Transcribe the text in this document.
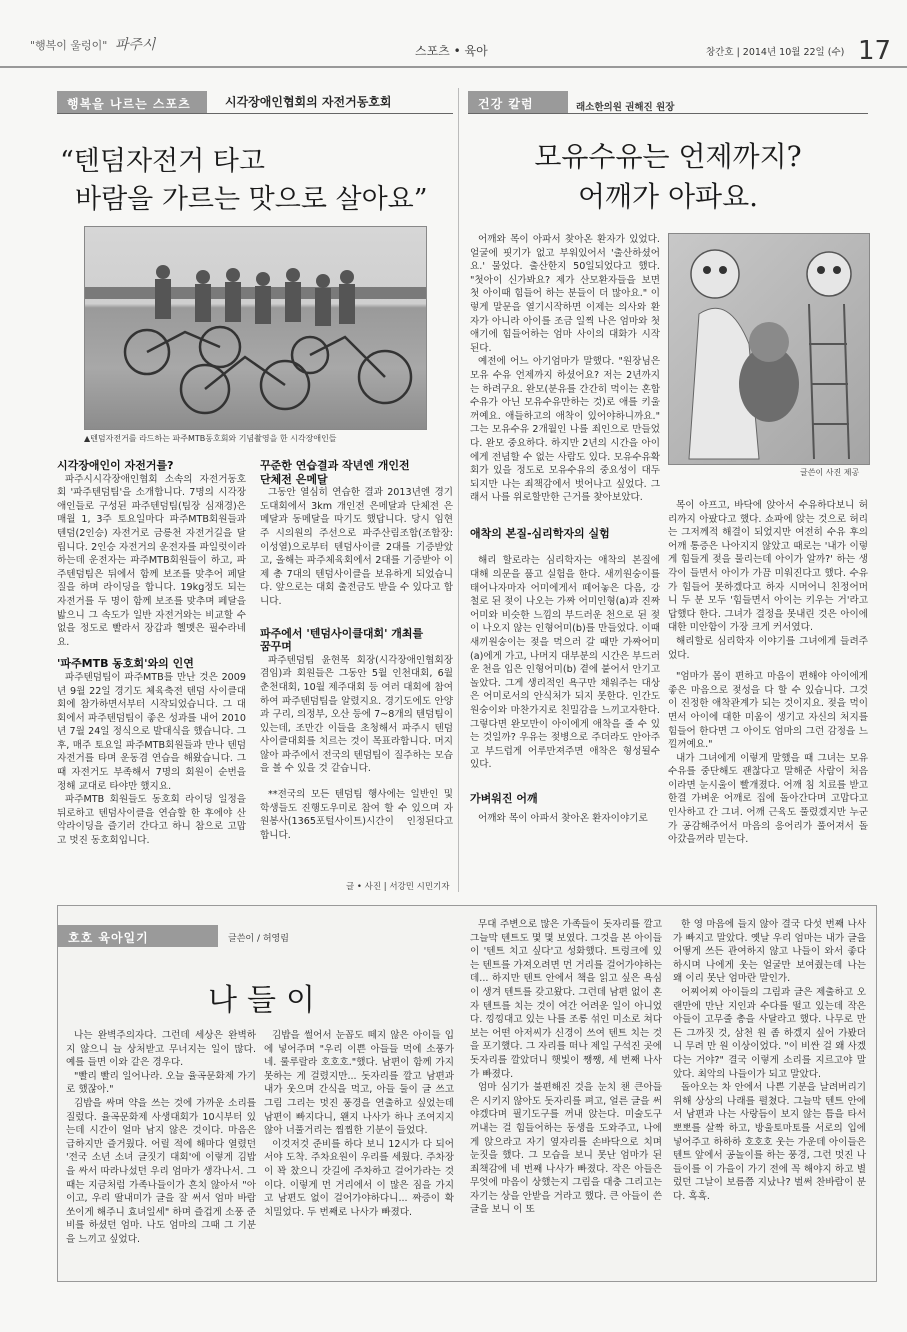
"행복이 울렁이" 파주시	스포츠 • 육아	창간호 | 2014년 10월 22일 (수) 17
행복을 나르는 스포츠	시각장애인협회의 자전거동호회
“텐덤자전거 타고
바람을 가르는 맛으로 살아요”
▲텐덤자전거를 라드하는 파주MTB동호회와 기념촬영을 한 시각장애인들
시각장애인이 자전거를?

파주시시각장애인협회 소속의 자전거동호회 '파주텐덤팀'을 소개합니다. 7명의 시각장애인들로 구성된 파주텐덤팀(팀장 심재경)은 매월 1, 3주 토요일마다 파주MTB회원들과 텐덤(2인승) 자전거로 금릉천 자전거길을 달립니다. 2인승 자전거의 운전자를 파일럿이라 하는데 운전자는 파주MTB회원들이 하고, 파주텐덤팀은 뒤에서 함께 보조를 맞추어 페달질을 하며 라이딩을 합니다. 19kg정도 되는 자전거를 두 명이 함께 보조를 맞추며 페달을 밟으니 그 속도가 일반 자전거와는 비교할 수 없을 정도로 빨라서 장갑과 헬멧은 필수라네요.

'파주MTB 동호회'와의 인연

파주텐덤팀이 파주MTB를 만난 것은 2009년 9월 22일 경기도 체육축전 텐덤 사이클대회에 참가하면서부터 시작되었습니다. 그 대회에서 파주텐덤팀이 좋은 성과를 내어 2010년 7월 24일 정식으로 발대식을 했습니다. 그 후, 매주 토요일 파주MTB회원들과 만나 텐덤자전거를 타며 운동겸 연습을 해왔습니다. 그때 자전거도 부족해서 7명의 회원이 순번을 정해 교대로 타야만 했지요.

파주MTB 회원들도 동호회 라이딩 일정을 뒤로하고 텐덤사이클을 연습할 한 후에야 산악라이딩을 즐기러 간다고 하니 참으로 고맙고 멋진 동호회입니다.

꾸준한 연습결과 작년엔 개인전
단체전 은메달

그동안 열심히 연습한 결과 2013년엔 경기도대회에서 3km 개인전 은메달과 단체전 은메달과 동메달을 따기도 했답니다. 당시 임현주 시의원의 주선으로 파주산림조합(조합장: 이성열)으로부터 텐덤사이클 2대를 기증받았고, 올해는 파주체육회에서 2대를 기증받아 이제 총 7대의 텐덤사이클을 보유하게 되었습니다. 앞으로는 대회 출전금도 받을 수 있다고 합니다.

파주에서 '텐덤사이클대회' 개최를
꿈꾸며

파주텐덤팀 윤현목 회장(시각장애인협회장 겸임)과 회원들은 그동안 5월 인천대회, 6월 춘천대회, 10월 제주대회 등 여러 대회에 참여하여 파주텐덤팀을 알렸지요. 경기도에도 안양과 구리, 의정부, 오산 등에 7~8개의 텐덤팀이 있는데, 조만간 이들을 초청해서 파주시 텐덤사이클대회를 치르는 것이 목표라합니다. 머지않아 파주에서 전국의 텐덤팀이 질주하는 모습을 볼 수 있을 것 같습니다.

**전국의 모든 텐덤팀 행사에는 일반인 및 학생들도 진행도우미로 참여 할 수 있으며 자원봉사(1365포털사이트)시간이 인정된다고 합니다.

글 • 사진 | 서강민 시민기자
건강 칼럼	래소한의원 권해진 원장
모유수유는 언제까지?
어깨가 아파요.

어깨와 목이 아파서 찾아온 환자가 있었다. 얼굴에 핏기가 없고 부워있어서 '출산하셨어요.' 물었다. 출산한지 50일되었다고 했다. "첫아이 신가봐요? 제가 산모환자들을 보면 첫 아이때 힘들어 하는 분들이 더 많아요." 이렇게 말문을 열기시작하면 이제는 의사와 환자가 아니라 아이를 조금 일찍 나은 엄마와 첫 애기에 힘들어하는 엄마 사이의 대화가 시작된다.

예전에 어느 아기엄마가 말했다. "원장님은 모유 수유 언제까지 하셨어요? 저는 2년까지는 하려구요. 완모(분유를 간간히 먹이는 혼합수유가 아닌 모유수유만하는 것)로 애를 키울꺼예요. 애들하고의 애착이 있어야하니까요." 그는 모유수유 2개월인 나를 죄인으로 만들었다. 완모 중요하다. 하지만 2년의 시간을 아이에게 전념할 수 없는 사람도 있다. 모유수유확회가 있을 정도로 모유수유의 중요성이 대두되지만 나는 죄책감에서 벗어나고 싶었다. 그래서 나를 위로할만한 근거를 찾아보았다.

애착의 본질-심리학자의 실험

해리 할로라는 심리학자는 애착의 본질에 대해 의문을 품고 실험을 한다. 새끼원숭이를 태어나자마자 어미에게서 떼어놓은 다음, 강철로 된 젖이 나오는 가짜 어미인형(a)과 진짜어미와 비슷한 느낌의 부드러운 천으로 된 젖이 나오지 않는 인형어미(b)를 만들었다. 이때 새끼원숭이는 젖을 먹으러 갈 때만 가짜어미(a)에게 가고, 나머지 대부분의 시간은 부드러운 천을 입은 인형어미(b) 곁에 붙어서 안기고 놀았다. 그게 생리적인 욕구만 채워주는 대상은 어미로서의 안식처가 되지 못한다. 인간도 원숭이와 마찬가지로 친밀감을 느끼고자한다. 그렇다면 완모만이 아이에게 애착을 줄 수 있는 것일까? 우유는 젖병으로 주더라도 안아주고 부드럽게 어루만져주면 애착은 형성될수 있다.

가벼워진 어깨

어깨와 목이 아파서 찾아온 환자이야기로

글쓴이 사진 제공

목이 아프고, 바닥에 앉아서 수유하다보니 허리까지 아팠다고 했다. 쇼파에 앉는 것으로 허리는 그저께적 해결이 되었지만 여전히 수유 후의 어깨 통증은 나아지지 않았고 때로는 '내가 이렇게 힘들게 젖을 물리는데 아이가 알까?' 하는 생각이 들면서 아이가 가끔 미워진다고 했다. 수유가 힘들어 못하겠다고 하자 시머어니 친정어머니 두 분 모두 '힘들면서 아이는 키우는 거'라고 답했다 한다. 그녀가 결정을 못내린 것은 아이에 대한 미안함이 가장 크게 커서였다.

해리할로 심리학자 이야기를 그녀에게 들려주었다.

"엄마가 몸이 편하고 마음이 편해야 아이에게 좋은 마음으로 젖성을 다 할 수 있습니다. 그것이 진정한 애착관계가 되는 것이지요. 젖을 먹이면서 아이에 대한 미움이 생기고 자신의 처지를 힘들어 한다면 그 아이도 엄마의 그런 감정을 느낄꺼예요."

내가 그녀에게 이렇게 말했을 때 그녀는 모유 수유를 중단해도 괜찮다고 말해준 사람이 처음이라면 눈시울이 빨개졌다. 어깨 침 치료를 받고 한결 가벼운 어깨로 집에 돌아간다며 고맙다고 인사하고 간 그녀. 어깨 근육도 풀렸겠지만 누군가 공감해주어서 마음의 응어리가 풀어져서 돌아갔을꺼라 믿는다.

호호 육아일기	글쓴이 / 허영림
나들이

나는 완벽주의자다. 그런데 세상은 완벽하지 않으니 늘 상처받고 무너지는 일이 많다. 예를 들면 이와 같은 경우다.

"빨리 빨리 일어나라. 오늘 율곡문화제 가기로 했잖아."

김밥을 싸며 약을 쓰는 것에 가까운 소리를 질렀다. 율곡문화제 사생대회가 10시부터 있는데 시간이 얼마 남지 않은 것이다. 마음은 급하지만 즐거웠다. 어릴 적에 해마다 열렸던 '전국 소년 소녀 글짓기 대회'에 이렇게 김밥을 싸서 따라나섰던 우리 엄마가 생각나서. 그때는 지금처럼 가족나들이가 흔치 않아서 "아이고, 우리 딸내미가 글을 잘 써서 엄마 바람 쏘이게 해주니 효녀일세" 하며 즐겁게 소풍 준비를 하셨던 엄마. 나도 엄마의 그때 그 기분을 느끼고 싶었다.

김밥을 썰어서 눈꼽도 떼지 않은 아이들 입에 넣어주며 "우리 이쁜 아들들 먹에 소풍가네. 룰루랄라 호호호."했다. 남편이 함께 가지 못하는 게 걸렸지만... 돗자리를 깔고 남편과 내가 웃으며 간식을 먹고, 아들 둘이 글 쓰고 그림 그리는 멋진 풍경을 연출하고 싶었는데 남편이 빠지다니, 왠지 나사가 하나 조여지지 않아 너풀거리는 찜찜한 기분이 들었다.

이것저것 준비를 하다 보니 12시가 다 되어서야 도착. 주차요원이 우리를 세웠다. 주차장이 꽉 찼으니 갓길에 주차하고 걸어가라는 것이다. 이렇게 먼 거리에서 이 많은 짐을 가지고 남편도 없이 걸어가야하다니... 짜증이 확 치밀었다. 두 번째로 나사가 빠졌다.

무대 주변으로 많은 가족들이 돗자리를 깔고 그늘막 텐트도 몇 몇 보였다. 그것을 본 아이들이 '텐트 치고 싶다'고 성화했다. 트렁크에 있는 텐트를 가져오려면 먼 거리를 걸어가야하는데... 하지만 텐트 안에서 책을 읽고 싶은 욕심이 생겨 텐트를 갖고왔다. 그런데 남편 없이 혼자 텐트를 치는 것이 여간 어려운 일이 아니었다. 낑낑대고 있는 나를 조롱 섞인 미소로 쳐다보는 어떤 아저씨가 신경이 쓰여 텐트 치는 것을 포기했다. 그 자리를 떠나 제일 구석진 곳에 돗자리를 깔았더니 햇빛이 쨍쨍, 세 번째 나사가 빠졌다.

엄마 심기가 불편해진 것을 눈치 챈 큰아들은 시키지 않아도 돗자리를 펴고, 얼른 글을 써야겠다며 필기도구를 꺼내 앉는다. 미술도구 꺼내는 걸 힘들어하는 동생을 도와주고, 나에게 앉으라고 자기 옆자리를 손바닥으로 치며 눈짓을 했다. 그 모습을 보니 못난 엄마가 된 죄책감에 네 번째 나사가 빠졌다. 작은 아들은 무엇에 마음이 상했는지 그림을 대충 그리고는 자기는 상을 안받을 거라고 했다. 큰 아들이 쓴 글을 보니 이 또

한 영 마음에 들지 않아 결국 다섯 번째 나사가 빠지고 말았다. 옛날 우리 엄마는 내가 글을 어떻게 쓰든 관여하지 않고 나들이 와서 좋다 하시며 나에게 웃는 얼굴만 보여줬는데 나는 왜 이리 못난 엄마란 말인가.

어찌어찌 아이들의 그림과 글은 제출하고 오랜만에 만난 지인과 수다를 떨고 있는데 작은 아들이 고무줄 총을 사달라고 했다. 나무로 만든 그까짓 것, 삼천 원 좀 하겠지 싶어 가봤더니 무려 만 원 이상이었다. "이 비싼 걸 왜 사겠다는 거야?" 결국 이렇게 소리를 지르고야 말았다. 최악의 나들이가 되고 말았다.

돌아오는 차 안에서 나쁜 기분을 날려버리기 위해 상상의 나래를 펼쳤다. 그늘막 텐트 안에서 남편과 나는 사랑듬이 보지 않는 틈을 타서 뽀뽀를 살짝 하고, 방울토마토를 서로의 입에 넣어주고 하하하 호호호 웃는 가운데 아이들은 텐트 앞에서 공놀이를 하는 풍경, 그런 멋진 나들이를 이 가을이 가기 전에 꼭 해야지 하고 별렀던 그날이 보름쯤 지났나? 벌써 찬바람이 분다. 흑흑.
